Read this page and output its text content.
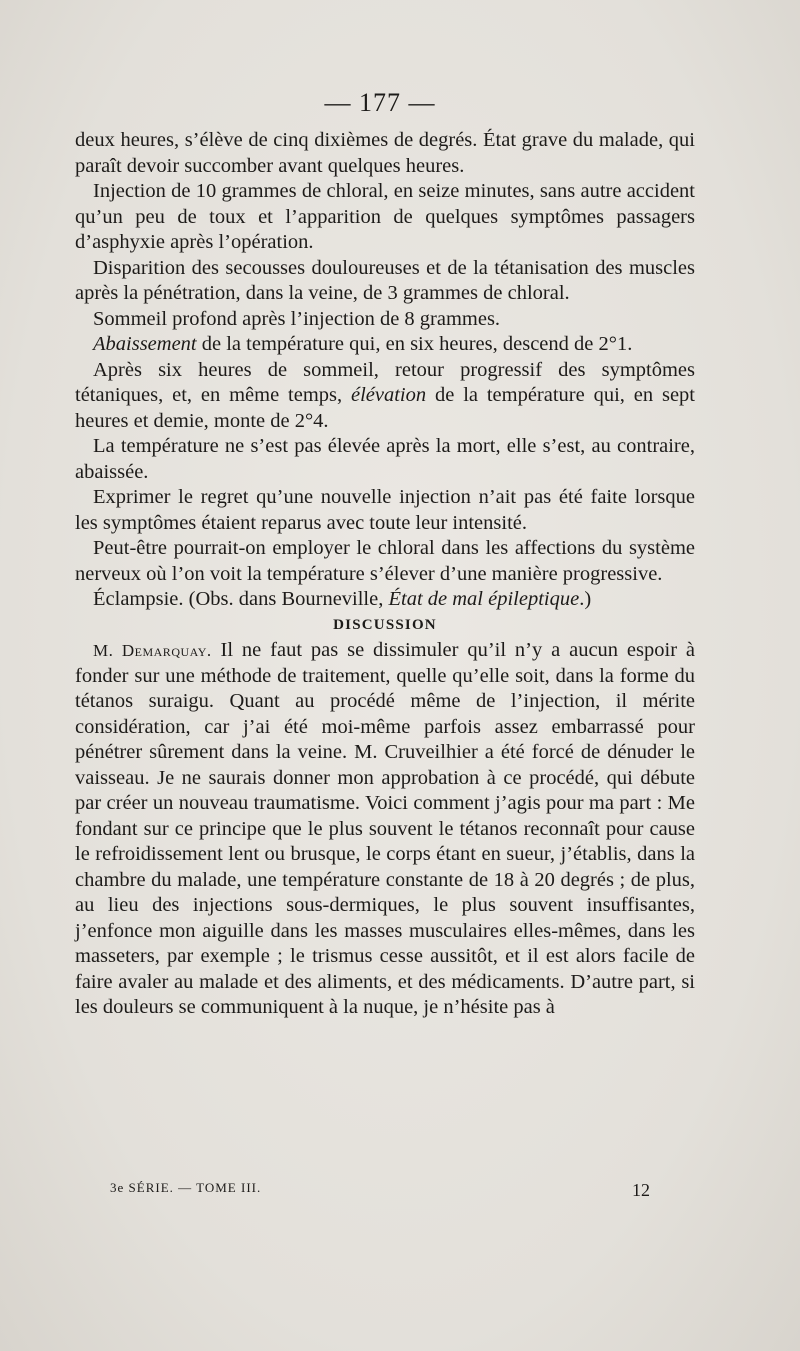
— 177 —

deux heures, s’élève de cinq dixièmes de degrés. État grave du malade, qui paraît devoir succomber avant quelques heures.

Injection de 10 grammes de chloral, en seize minutes, sans autre accident qu’un peu de toux et l’apparition de quelques symptômes passagers d’asphyxie après l’opération.

Disparition des secousses douloureuses et de la tétanisation des muscles après la pénétration, dans la veine, de 3 grammes de chloral.

Sommeil profond après l’injection de 8 grammes.

Abaissement de la température qui, en six heures, descend de 2°1.

Après six heures de sommeil, retour progressif des symptômes tétaniques, et, en même temps, élévation de la température qui, en sept heures et demie, monte de 2°4.

La température ne s’est pas élevée après la mort, elle s’est, au contraire, abaissée.

Exprimer le regret qu’une nouvelle injection n’ait pas été faite lorsque les symptômes étaient reparus avec toute leur intensité.

Peut-être pourrait-on employer le chloral dans les affections du système nerveux où l’on voit la température s’élever d’une manière progressive.

Éclampsie. (Obs. dans Bourneville, État de mal épileptique.)

DISCUSSION

M. Demarquay. Il ne faut pas se dissimuler qu’il n’y a aucun espoir à fonder sur une méthode de traitement, quelle qu’elle soit, dans la forme du tétanos suraigu. Quant au procédé même de l’injection, il mérite considération, car j’ai été moi-même parfois assez embarrassé pour pénétrer sûrement dans la veine. M. Cruveilhier a été forcé de dénuder le vaisseau. Je ne saurais donner mon approbation à ce procédé, qui débute par créer un nouveau traumatisme. Voici comment j’agis pour ma part : Me fondant sur ce principe que le plus souvent le tétanos reconnaît pour cause le refroidissement lent ou brusque, le corps étant en sueur, j’établis, dans la chambre du malade, une température constante de 18 à 20 degrés ; de plus, au lieu des injections sous-dermiques, le plus souvent insuffisantes, j’enfonce mon aiguille dans les masses musculaires elles-mêmes, dans les masseters, par exemple ; le trismus cesse aussitôt, et il est alors facile de faire avaler au malade et des aliments, et des médicaments. D’autre part, si les douleurs se communiquent à la nuque, je n’hésite pas à

3e SÉRIE. — TOME III.	12
